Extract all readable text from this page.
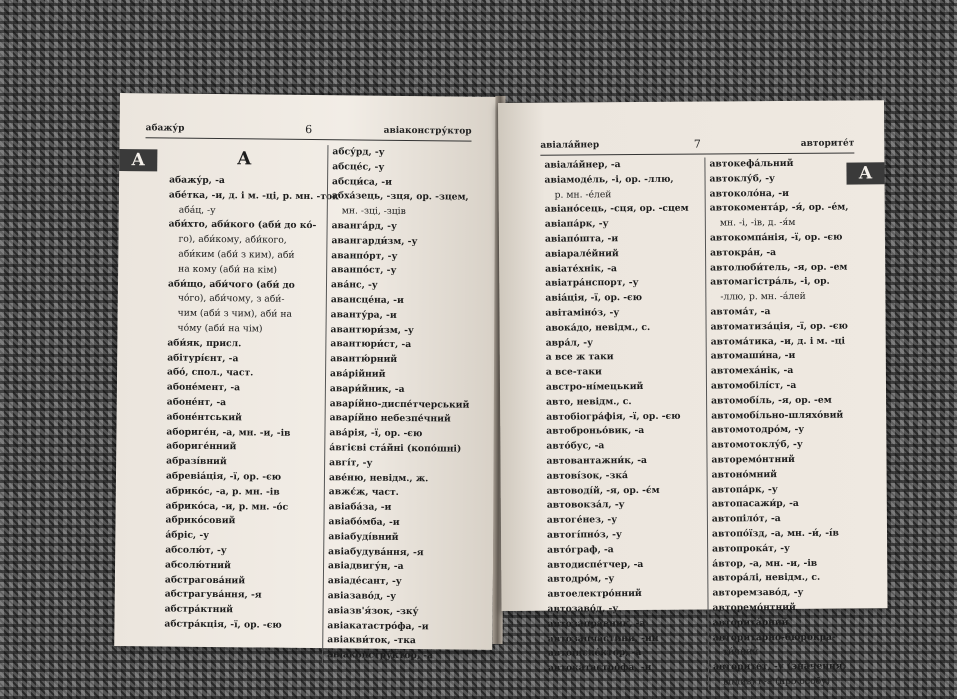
абажу́р	6	авіаконстру́ктор
А	А
абажу́р, -а
абе́тка, -и, д. і м. -ці, р. мн. -ток
аба́ц, -у
аби́хто, аби́кого (аби́ до ко́-
го), аби́кому, аби́кого,
аби́ким (аби́ з ким), аби́
на кому (аби́ на кім)
аби́що, аби́чого (аби́ до
чо́го), аби́чому, з аби́-
чим (аби́ з чим), аби́ на
чо́му (аби́ на чім)
аби́як, присл.
абітурі́єнт, -а
або́, спол., част.
абоне́мент, -а
абоне́нт, -а
абоне́нтський
абориге́н, -а, мн. -и, -ів
абориге́нний
абразі́вний
абревіа́ція, -ї, ор. -єю
абрико́с, -а, р. мн. -ів
абрико́са, -и, р. мн. -о́с
абрико́совий
а́бріс, -у
абсолю́т, -у
абсолю́тний
абстрагова́ний
абстрагува́ння, -я
абстра́ктний
абстра́кція, -ї, ор. -єю
абсу́рд, -у
абсце́с, -у
абсци́са, -и
абха́зець, -зця, ор. -зцем,
мн. -зці, -зців
аванга́рд, -у
авангарди́зм, -у
аванпо́рт, -у
аванпо́ст, -у
ава́нс, -у
авансце́на, -и
аванту́ра, -и
авантюри́зм, -у
авантюри́ст, -а
авантю́рний
ава́рійний
авари́йник, -а
аварі́йно-диспе́тчерський
аварі́йно небезпе́чний
ава́рія, -ї, ор. -єю
а́вгієві ста́йні (копо́шні)
авгі́т, -у
аве́ню, невідм., ж.
авжє́ж, част.
авіаба́за, -и
авіабо́мба, -и
авіабуді́вний
авіабудува́ння, -я
авіадвигу́н, -а
авіаде́сант, -у
авіазаво́д, -у
авіазв'я́зок, -зку́
авіакатастро́фа, -и
авіакви́ток, -тка
авіаконстру́ктор, -а
авіала́йнер	7	авторите́т
А
авіала́йнер, -а
авіамоде́ль, -і, ор. -ллю,
р. мн. -е́лей
авіано́сець, -сця, ор. -сцем
авіапа́рк, -у
авіапо́шта, -и
авіарале́йний
авіате́хнік, -а
авіатра́нспорт, -у
авіа́ція, -ї, ор. -єю
авітаміно́з, -у
авока́до, невідм., с.
авра́л, -у
а все ж таки
а все-таки
австро-ні́мецький
авто, невідм., с.
автобіогра́фія, -ї, ор. -єю
автоброньо́вик, -а
авто́бус, -а
автовантажни́к, -а
автові́зок, -зка́
автоводі́й, -я, ор. -є́м
автовокза́л, -у
автоге́нез, -у
автогі́пно́з, -у
авто́граф, -а
автодиспе́тчер, -а
автодро́м, -у
автоелектро́нний
автозаво́д, -у
автозапра́вник, -а
автозапча́стини, -ин
автоінспе́ктор, -а
автокатастро́фа, -и
автокефа́льний
автоклу́б, -у
автоколо́на, -и
автокомента́р, -я́, ор. -е́м,
мн. -і, -ів, д. -я́м
автокомпа́нія, -ї, ор. -єю
автокра́н, -а
автолюби́тель, -я, ор. -ем
автомагістра́ль, -і, ор.
-ллю, р. мн. -а́лей
автома́т, -а
автоматиза́ція, -ї, ор. -єю
автома́тика, -и, д. і м. -ці
автомаши́на, -и
автомеха́нік, -а
автомобілі́ст, -а
автомобі́ль, -я, ор. -ем
автомобі́льно-шляхо́вий
автомотодро́м, -у
автомотоклу́б, -у
авторемо́нтний
автоно́мний
автопа́рк, -у
автопасажи́р, -а
автопіло́т, -а
автопо́їзд, -а, мн. -и́, -і́в
автопрока́т, -у
а́втор, -а, мн. -и, -ів
автора́лі, невідм., с.
авторемзаво́д, -у
авторемо́нтний
авторита́рний
авторита́рно-бюрокра-
ти́чний
авторите́т, -у (значення,
вплив) і -а (про особу)
